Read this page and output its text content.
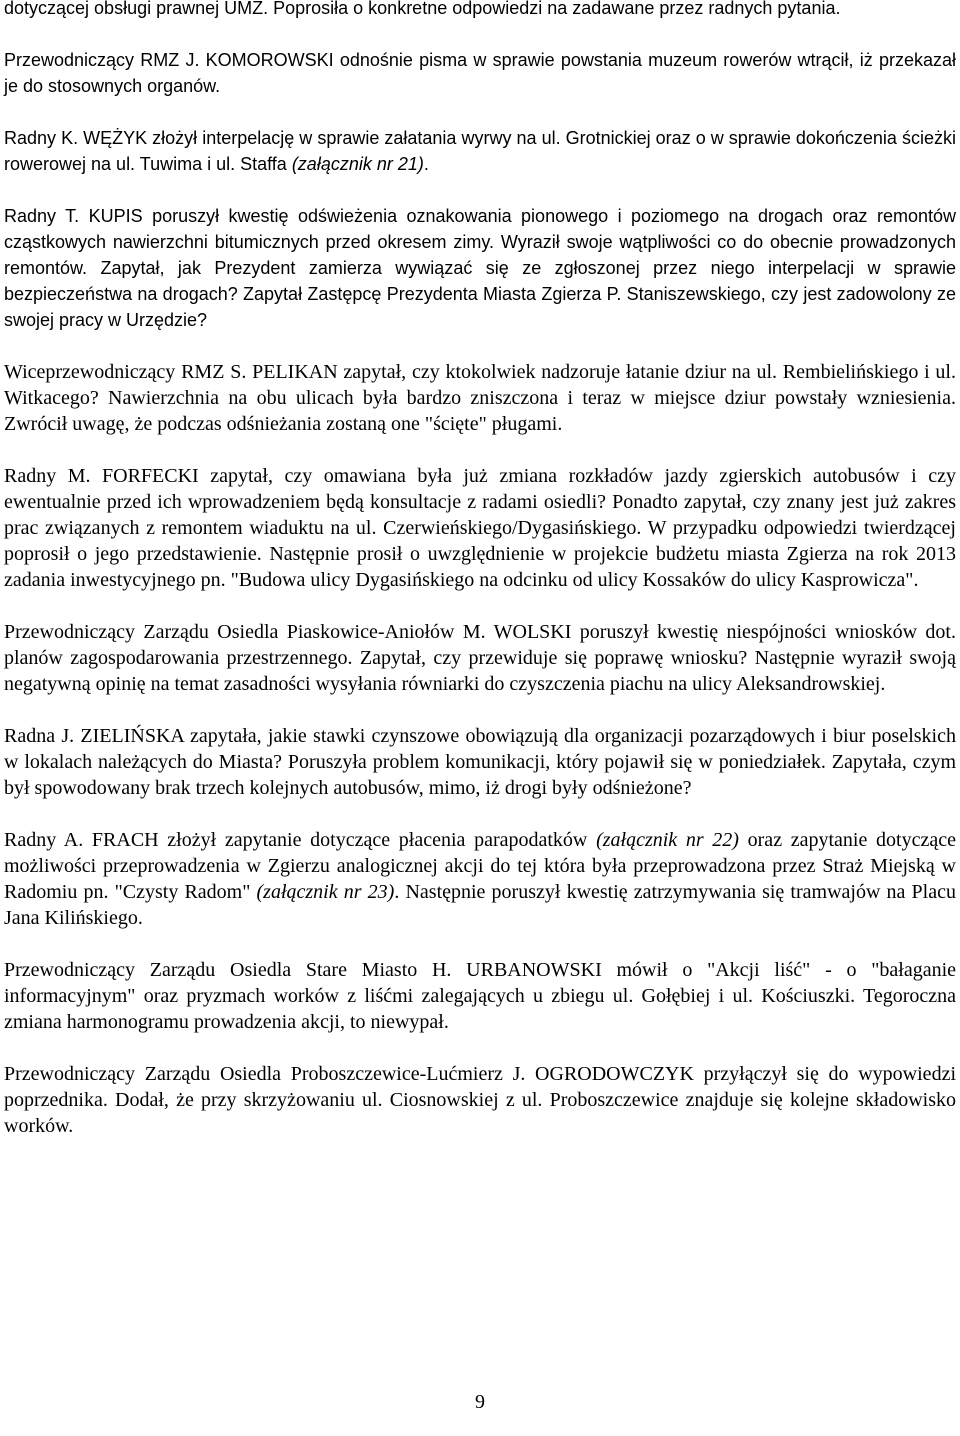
dotyczącej obsługi prawnej UMZ. Poprosiła o konkretne odpowiedzi na zadawane przez radnych pytania.

Przewodniczący RMZ J. KOMOROWSKI odnośnie pisma w sprawie powstania muzeum rowerów wtrącił, iż przekazał je do stosownych organów.

Radny K. WĘŻYK złożył interpelację w sprawie załatania wyrwy na ul. Grotnickiej oraz o w sprawie dokończenia ścieżki rowerowej na ul. Tuwima i ul. Staffa (załącznik nr 21).

Radny T. KUPIS poruszył kwestię odświeżenia oznakowania pionowego i poziomego na drogach oraz remontów cząstkowych nawierzchni bitumicznych przed okresem zimy. Wyraził swoje wątpliwości co do obecnie prowadzonych remontów. Zapytał, jak Prezydent zamierza wywiązać się ze zgłoszonej przez niego interpelacji w sprawie bezpieczeństwa na drogach? Zapytał Zastępcę Prezydenta Miasta Zgierza P. Staniszewskiego, czy jest zadowolony ze swojej pracy w Urzędzie?

Wiceprzewodniczący RMZ S. PELIKAN zapytał, czy ktokolwiek nadzoruje łatanie dziur na ul. Rembielińskiego i ul. Witkacego? Nawierzchnia na obu ulicach była bardzo zniszczona i teraz w miejsce dziur powstały wzniesienia. Zwrócił uwagę, że podczas odśnieżania zostaną one "ścięte" pługami.

Radny M. FORFECKI zapytał, czy omawiana była już zmiana rozkładów jazdy zgierskich autobusów i czy ewentualnie przed ich wprowadzeniem będą konsultacje z radami osiedli? Ponadto zapytał, czy znany jest już zakres prac związanych z remontem wiaduktu na ul. Czerwieńskiego/Dygasińskiego. W przypadku odpowiedzi twierdzącej poprosił o jego przedstawienie. Następnie prosił o uwzględnienie w projekcie budżetu miasta Zgierza na rok 2013 zadania inwestycyjnego pn. "Budowa ulicy Dygasińskiego na odcinku od ulicy Kossaków do ulicy Kasprowicza".

Przewodniczący Zarządu Osiedla Piaskowice-Aniołów M. WOLSKI poruszył kwestię niespójności wniosków dot. planów zagospodarowania przestrzennego. Zapytał, czy przewiduje się poprawę wniosku? Następnie wyraził swoją negatywną opinię na temat zasadności wysyłania równiarki do czyszczenia piachu na ulicy Aleksandrowskiej.

Radna J. ZIELIŃSKA zapytała, jakie stawki czynszowe obowiązują dla organizacji pozarządowych i biur poselskich w lokalach należących do Miasta? Poruszyła problem komunikacji, który pojawił się w poniedziałek. Zapytała, czym był spowodowany brak trzech kolejnych autobusów, mimo, iż drogi były odśnieżone?

Radny A. FRACH złożył zapytanie dotyczące płacenia parapodatków (załącznik nr 22) oraz zapytanie dotyczące możliwości przeprowadzenia w Zgierzu analogicznej akcji do tej która była przeprowadzona przez Straż Miejską w Radomiu pn. "Czysty Radom" (załącznik nr 23). Następnie poruszył kwestię zatrzymywania się tramwajów na Placu Jana Kilińskiego.

Przewodniczący Zarządu Osiedla Stare Miasto H. URBANOWSKI mówił o "Akcji liść" - o "bałaganie informacyjnym" oraz pryzmach worków z liśćmi zalegających u zbiegu ul. Gołębiej i ul. Kościuszki. Tegoroczna zmiana harmonogramu prowadzenia akcji, to niewypał.

Przewodniczący Zarządu Osiedla Proboszczewice-Lućmierz J. OGRODOWCZYK przyłączył się do wypowiedzi poprzednika. Dodał, że przy skrzyżowaniu ul. Ciosnowskiej z ul. Proboszczewice znajduje się kolejne składowisko worków.

9
